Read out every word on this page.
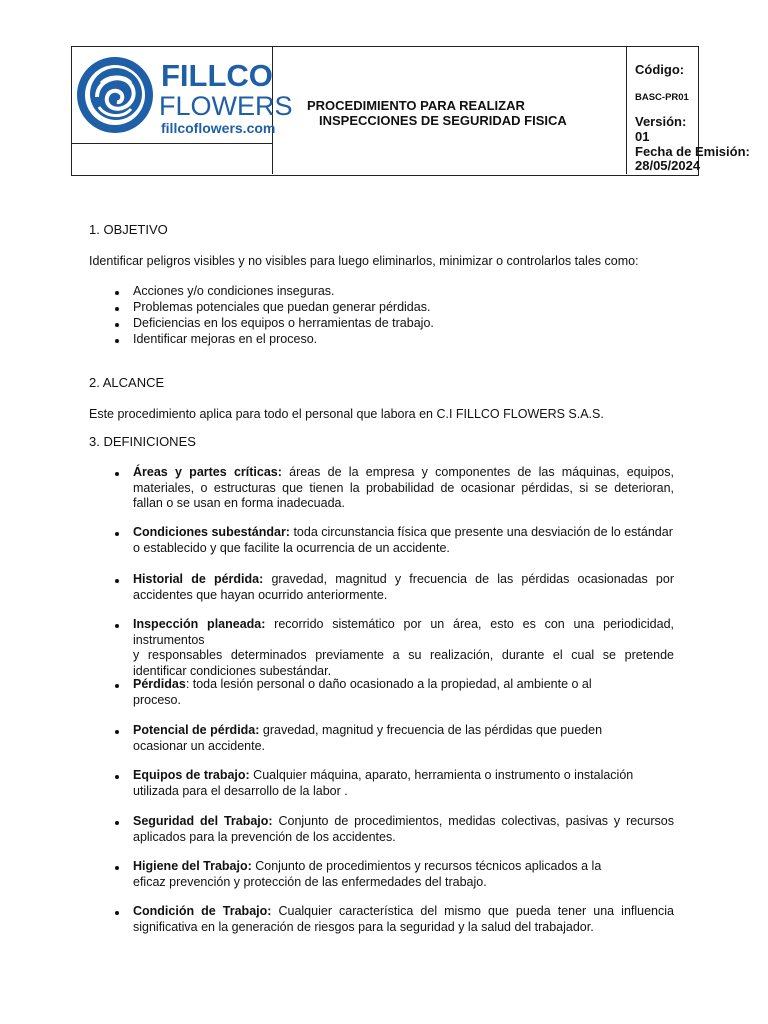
FILLCO
FLOWERS
fillcoflowers.com
PROCEDIMIENTO PARA REALIZAR
INSPECCIONES DE SEGURIDAD FISICA
Código:
BASC-PR01
Versión:
01
Fecha de Emisión:
28/05/2024
1. OBJETIVO
Identificar peligros visibles y no visibles para luego eliminarlos, minimizar o controlarlos tales como:
Acciones y/o condiciones inseguras.
Problemas potenciales que puedan generar pérdidas.
Deficiencias en los equipos o herramientas de trabajo.
Identificar mejoras en el proceso.
2. ALCANCE
Este procedimiento aplica para todo el personal que labora en C.I FILLCO FLOWERS S.A.S.
3. DEFINICIONES
Áreas y partes críticas: áreas de la empresa y componentes de las máquinas, equipos,
materiales, o estructuras que tienen la probabilidad de ocasionar pérdidas, si se deterioran,
fallan o se usan en forma inadecuada.
Condiciones subestándar: toda circunstancia física que presente una desviación de lo estándar
o establecido y que facilite la ocurrencia de un accidente.
Historial de pérdida: gravedad, magnitud y frecuencia de las pérdidas ocasionadas por
accidentes que hayan ocurrido anteriormente.
Inspección planeada: recorrido sistemático por un área, esto es con una periodicidad, instrumentos
y responsables determinados previamente a su realización, durante el cual se pretende
identificar condiciones subestándar.
Pérdidas: toda lesión personal o daño ocasionado a la propiedad, al ambiente o al
proceso.
Potencial de pérdida: gravedad, magnitud y frecuencia de las pérdidas que pueden
ocasionar un accidente.
Equipos de trabajo: Cualquier máquina, aparato, herramienta o instrumento o instalación
utilizada para el desarrollo de la labor .
Seguridad del Trabajo: Conjunto de procedimientos, medidas colectivas, pasivas y recursos
aplicados para la prevención de los accidentes.
Higiene del Trabajo: Conjunto de procedimientos y recursos técnicos aplicados a la
eficaz prevención y protección de las enfermedades del trabajo.
Condición de Trabajo: Cualquier característica del mismo que pueda tener una influencia
significativa en la generación de riesgos para la seguridad y la salud del trabajador.
